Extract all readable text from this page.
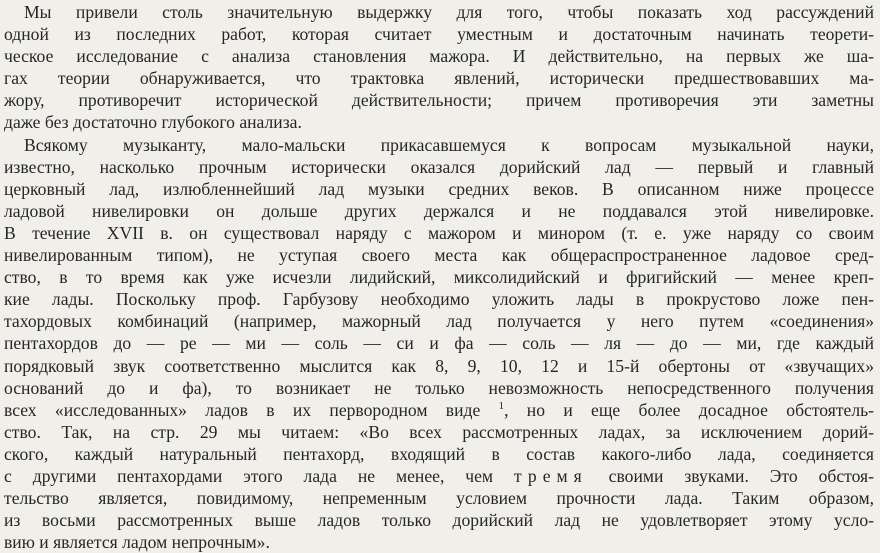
Мы привели столь значительную выдержку для того, чтобы показать ход рассуждений
одной из последних работ, которая считает уместным и достаточным начинать теорети-
ческое исследование с анализа становления мажора. И действительно, на первых же ша-
гах теории обнаруживается, что трактовка явлений, исторически предшествовавших ма-
жору, противоречит исторической действительности; причем противоречия эти заметны
даже без достаточно глубокого анализа.
Всякому музыканту, мало-мальски прикасавшемуся к вопросам музыкальной науки,
известно, насколько прочным исторически оказался дорийский лад — первый и главный
церковный лад, излюбленнейший лад музыки средних веков. В описанном ниже процессе
ладовой нивелировки он дольше других держался и не поддавался этой нивелировке.
В течение XVII в. он существовал наряду с мажором и минором (т. е. уже наряду со своим
нивелированным типом), не уступая своего места как общераспространенное ладовое сред-
ство, в то время как уже исчезли лидийский, миксолидийский и фригийский — менее креп-
кие лады. Поскольку проф. Гарбузову необходимо уложить лады в прокрустово ложе пен-
тахордовых комбинаций (например, мажорный лад получается у него путем «соединения»
пентахордов до — ре — ми — соль — си и фа — соль — ля — до — ми, где каждый
порядковый звук соответственно мыслится как 8, 9, 10, 12 и 15-й обертоны от «звучащих»
оснований до и фа), то возникает не только невозможность непосредственного получения
всех «исследованных» ладов в их первородном виде $^1$, но и еще более досадное обстоятель-
ство. Так, на стр. 29 мы читаем: «Во всех рассмотренных ладах, за исключением дорий-
ского, каждый натуральный пентахорд, входящий в состав какого-либо лада, соединяется
с другими пентахордами этого лада не менее, чем тремя своими звуками. Это обстоя-
тельство является, повидимому, непременным условием прочности лада. Таким образом,
из восьми рассмотренных выше ладов только дорийский лад не удовлетворяет этому усло-
вию и является ладом непрочным».
